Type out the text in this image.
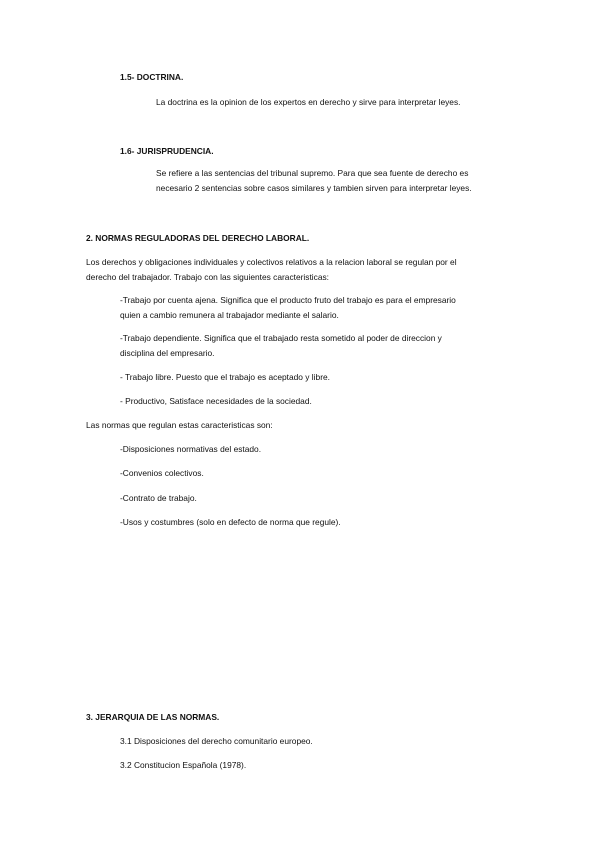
1.5- DOCTRINA.
La doctrina es la opinion de los expertos en derecho y sirve para interpretar leyes.
1.6- JURISPRUDENCIA.
Se refiere a las sentencias del tribunal supremo. Para que sea fuente de derecho es
necesario 2 sentencias sobre casos similares y tambien sirven para interpretar leyes.
2. NORMAS REGULADORAS DEL DERECHO LABORAL.
Los derechos y obligaciones individuales y colectivos relativos a la relacion laboral se regulan por el
derecho del trabajador. Trabajo con las siguientes caracteristicas:
-Trabajo por cuenta ajena. Significa que el producto fruto del trabajo es para el empresario
quien a cambio remunera al trabajador mediante el salario.
-Trabajo dependiente. Significa que el trabajado resta sometido al poder de direccion y
disciplina del empresario.
- Trabajo libre. Puesto que el trabajo es aceptado y libre.
- Productivo, Satisface necesidades de la sociedad.
Las normas que regulan estas caracteristicas son:
-Disposiciones normativas del estado.
-Convenios colectivos.
-Contrato de trabajo.
-Usos y costumbres (solo en defecto de norma que regule).
3. JERARQUIA DE LAS NORMAS.
3.1 Disposiciones del derecho comunitario europeo.
3.2 Constitucion Española (1978).
